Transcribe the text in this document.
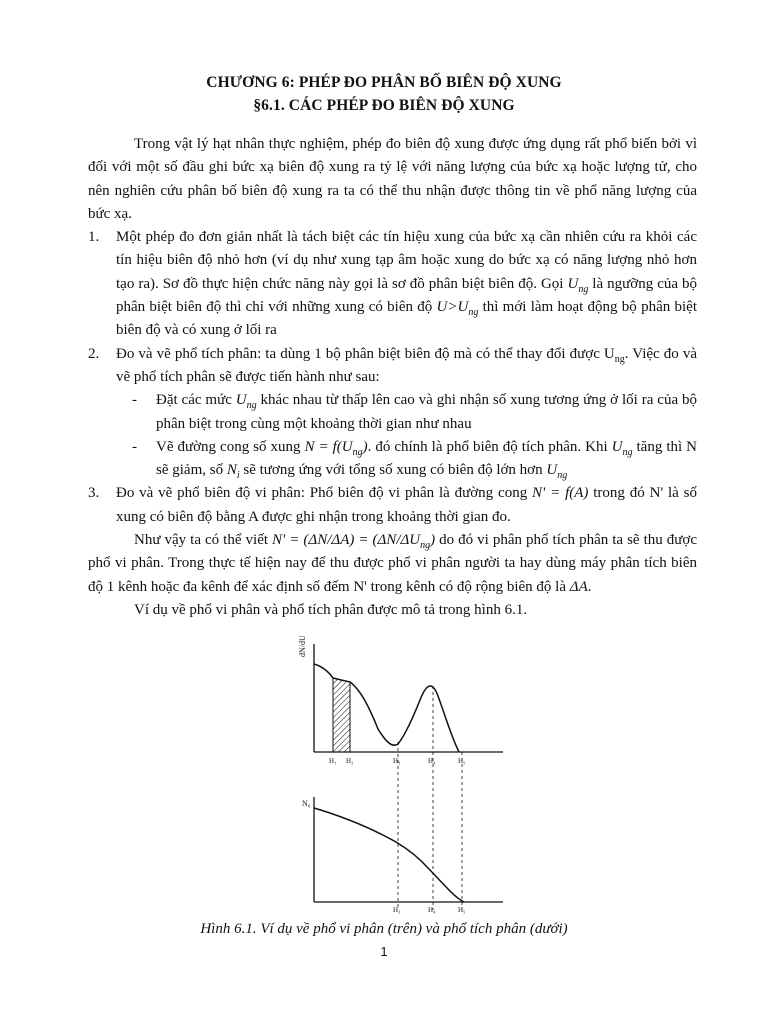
CHƯƠNG 6: PHÉP ĐO PHÂN BỐ BIÊN ĐỘ XUNG
§6.1. CÁC PHÉP ĐO BIÊN ĐỘ XUNG

Trong vật lý hạt nhân thực nghiệm, phép đo biên độ xung được ứng dụng rất phổ biến bởi vì đối với một số đầu ghi bức xạ biên độ xung ra tỷ lệ với năng lượng của bức xạ hoặc lượng tử, cho nên nghiên cứu phân bố biên độ xung ra ta có thể thu nhận được thông tin về phổ năng lượng của bức xạ.

1. Một phép đo đơn giản nhất là tách biệt các tín hiệu xung của bức xạ cần nhiên cứu ra khỏi các tín hiệu biên độ nhỏ hơn (ví dụ như xung tạp âm hoặc xung do bức xạ có năng lượng nhỏ hơn tạo ra). Sơ đồ thực hiện chức năng này gọi là sơ đồ phân biệt biên độ. Gọi $U_{ng}$ là ngưỡng của bộ phân biệt biên độ thì chỉ với những xung có biên độ $U>U_{ng}$ thì mới làm hoạt động bộ phân biệt biên độ và có xung ở lối ra

2. Đo và vẽ phổ tích phân: ta dùng 1 bộ phân biệt biên độ mà có thể thay đổi được $U_{ng}$. Việc đo và vẽ phổ tích phân sẽ được tiến hành như sau:

- Đặt các mức $U_{ng}$ khác nhau từ thấp lên cao và ghi nhận số xung tương ứng ở lối ra của bộ phân biệt trong cùng một khoảng thời gian như nhau

- Vẽ đường cong số xung $N = f(U_{ng})$. đó chính là phổ biên độ tích phân. Khi $U_{ng}$ tăng thì N sẽ giảm, số $N_i$ sẽ tương ứng với tổng số xung có biên độ lớn hơn $U_{ng}$

3. Đo và vẽ phổ biên độ vi phân: Phổ biên độ vi phân là đường cong N' = f(A) trong đó N' là số xung có biên độ bằng A được ghi nhận trong khoảng thời gian đo.

Như vậy ta có thể viết $N' = (\Delta N/\Delta A) = (\Delta N/\Delta U_{ng})$ do đó vi phân phổ tích phân ta sẽ thu được phổ vi phân. Trong thực tế hiện nay để thu được phổ vi phân người ta hay dùng máy phân tích biên độ 1 kênh hoặc đa kênh để xác định số đếm N' trong kênh có độ rộng biên độ là ΔA.

Ví dụ về phổ vi phân và phổ tích phân được mô tả trong hình 6.1.

dN/dU
H₁ H₂	H₃	H₄	H₅
N₀
H₃	H₄	H₅
Hình 6.1. Ví dụ về phổ vi phân (trên) và phổ tích phân (dưới)
1
